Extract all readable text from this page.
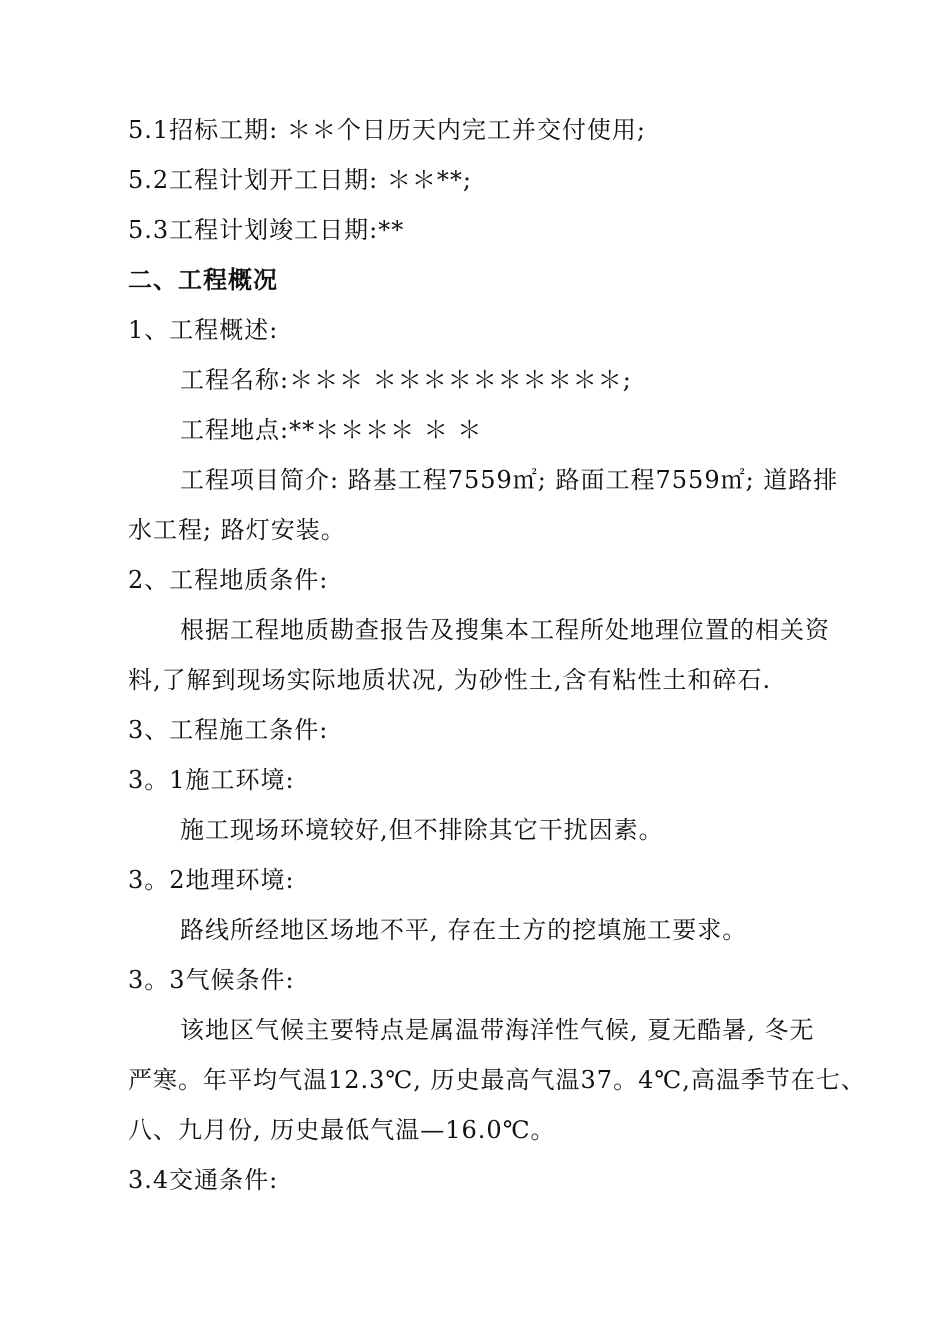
5.1招标工期: ＊＊个日历天内完工并交付使用;
5.2工程计划开工日期: ＊＊**;
5.3工程计划竣工日期:**
二、工程概况
1、工程概述:
工程名称:＊＊＊ ＊＊＊＊＊＊＊＊＊＊;
工程地点:**＊＊＊＊ ＊ ＊
工程项目简介: 路基工程7559㎡; 路面工程7559㎡; 道路排
水工程; 路灯安装。
2、工程地质条件:
根据工程地质勘查报告及搜集本工程所处地理位置的相关资
料,了解到现场实际地质状况, 为砂性土,含有粘性土和碎石.
3、工程施工条件:
3。1施工环境:
施工现场环境较好,但不排除其它干扰因素。
3。2地理环境:
路线所经地区场地不平, 存在土方的挖填施工要求。
3。3气候条件:
该地区气候主要特点是属温带海洋性气候, 夏无酷暑, 冬无
严寒。年平均气温12.3℃, 历史最高气温37。4℃,高温季节在七、
八、九月份, 历史最低气温—16.0℃。
3.4交通条件:
